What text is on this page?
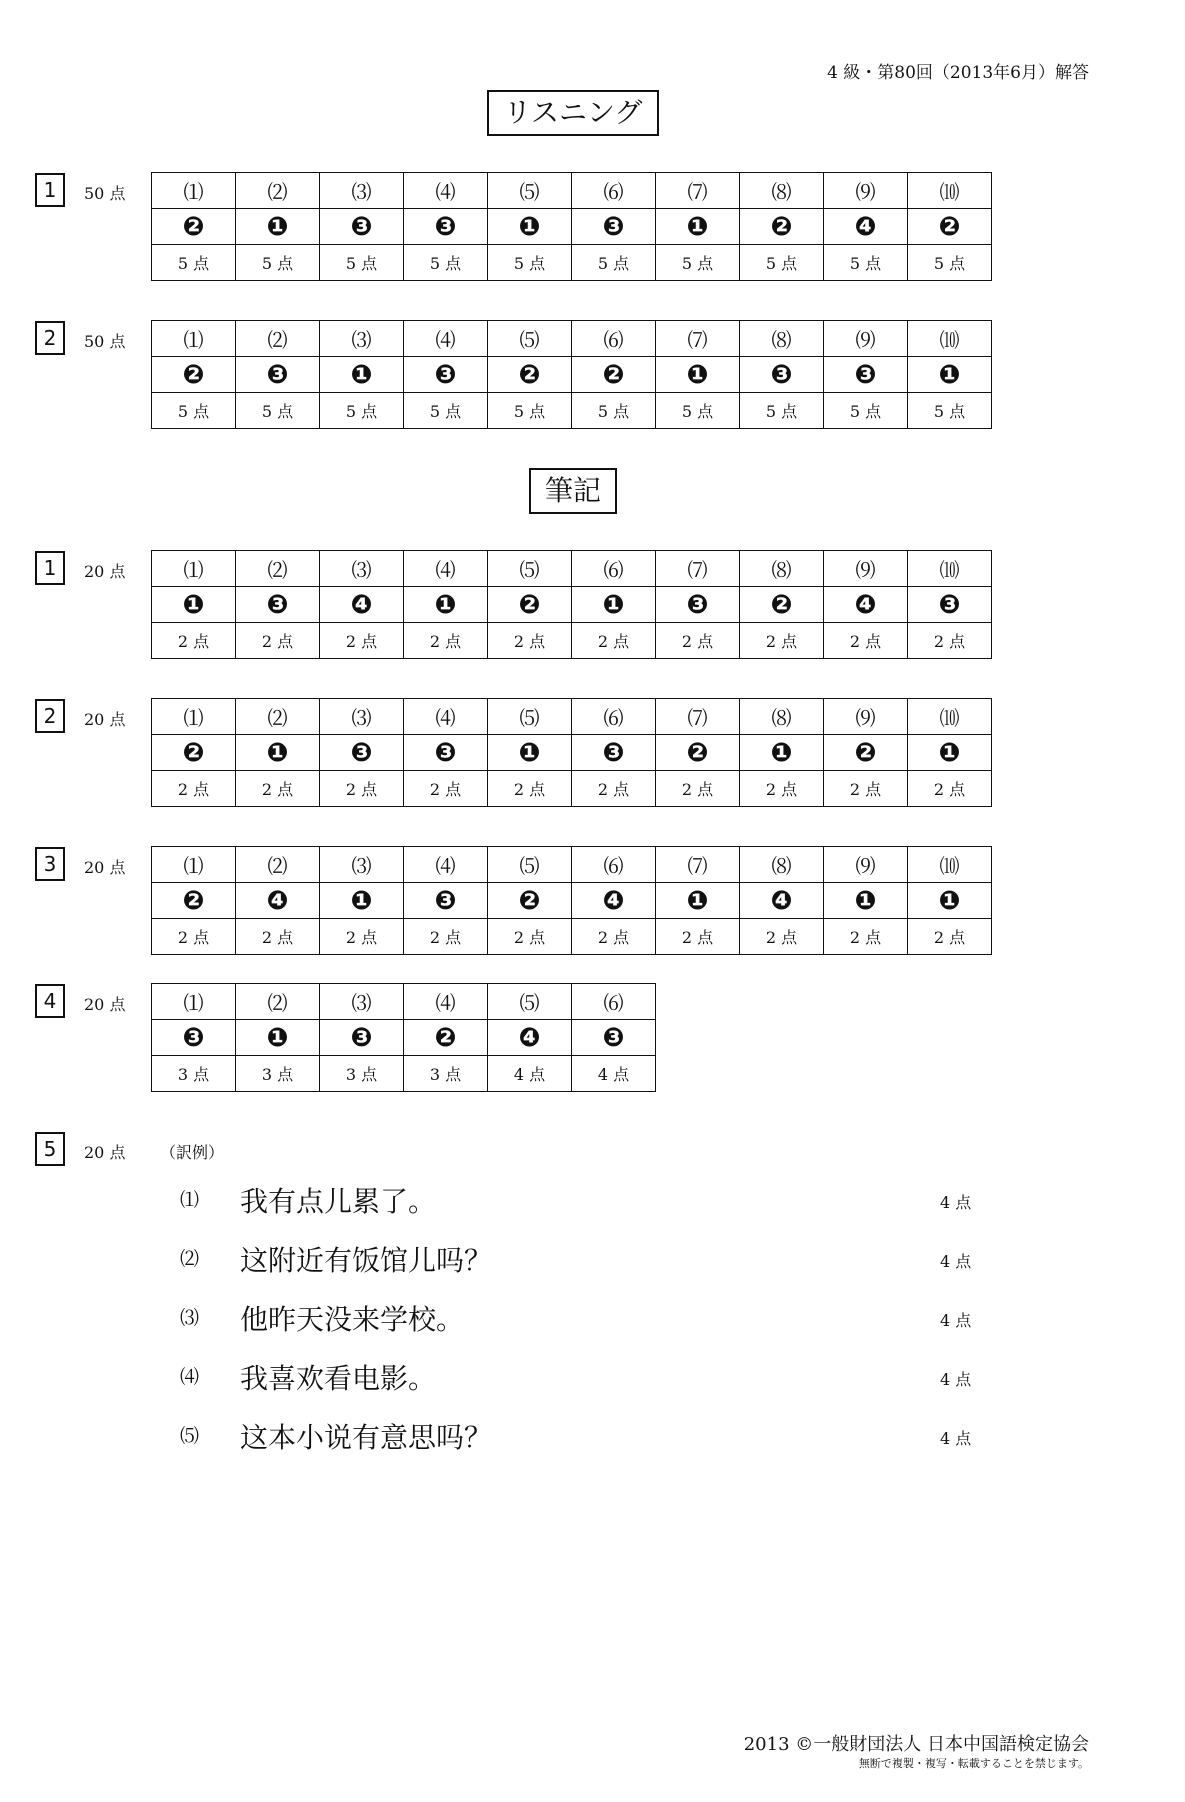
4 級・第80回（2013年6月）解答
リスニング
1	50 点	⑴	⑵	⑶	⑷	⑸	⑹	⑺	⑻	⑼	⑽
❷	❶	❸	❸	❶	❸	❶	❷	❹	❷
5 点	5 点	5 点	5 点	5 点	5 点	5 点	5 点	5 点	5 点
2	50 点	⑴	⑵	⑶	⑷	⑸	⑹	⑺	⑻	⑼	⑽
❷	❸	❶	❸	❷	❷	❶	❸	❸	❶
5 点	5 点	5 点	5 点	5 点	5 点	5 点	5 点	5 点	5 点
筆記
1	20 点	⑴	⑵	⑶	⑷	⑸	⑹	⑺	⑻	⑼	⑽
❶	❸	❹	❶	❷	❶	❸	❷	❹	❸
2 点	2 点	2 点	2 点	2 点	2 点	2 点	2 点	2 点	2 点
2	20 点	⑴	⑵	⑶	⑷	⑸	⑹	⑺	⑻	⑼	⑽
❷	❶	❸	❸	❶	❸	❷	❶	❷	❶
2 点	2 点	2 点	2 点	2 点	2 点	2 点	2 点	2 点	2 点
3	20 点	⑴	⑵	⑶	⑷	⑸	⑹	⑺	⑻	⑼	⑽
❷	❹	❶	❸	❷	❹	❶	❹	❶	❶
2 点	2 点	2 点	2 点	2 点	2 点	2 点	2 点	2 点	2 点
4	20 点	⑴	⑵	⑶	⑷	⑸	⑹
❸	❶	❸	❷	❹	❸
3 点	3 点	3 点	3 点	4 点	4 点
5	20 点 （訳例）
⑴ 我有点儿累了。	4 点
⑵ 这附近有饭馆儿吗？	4 点
⑶ 他昨天没来学校。	4 点
⑷ 我喜欢看电影。	4 点
⑸ 这本小说有意思吗？	4 点
2013 ©一般財団法人 日本中国語検定協会
無断で複製・複写・転載することを禁じます。
